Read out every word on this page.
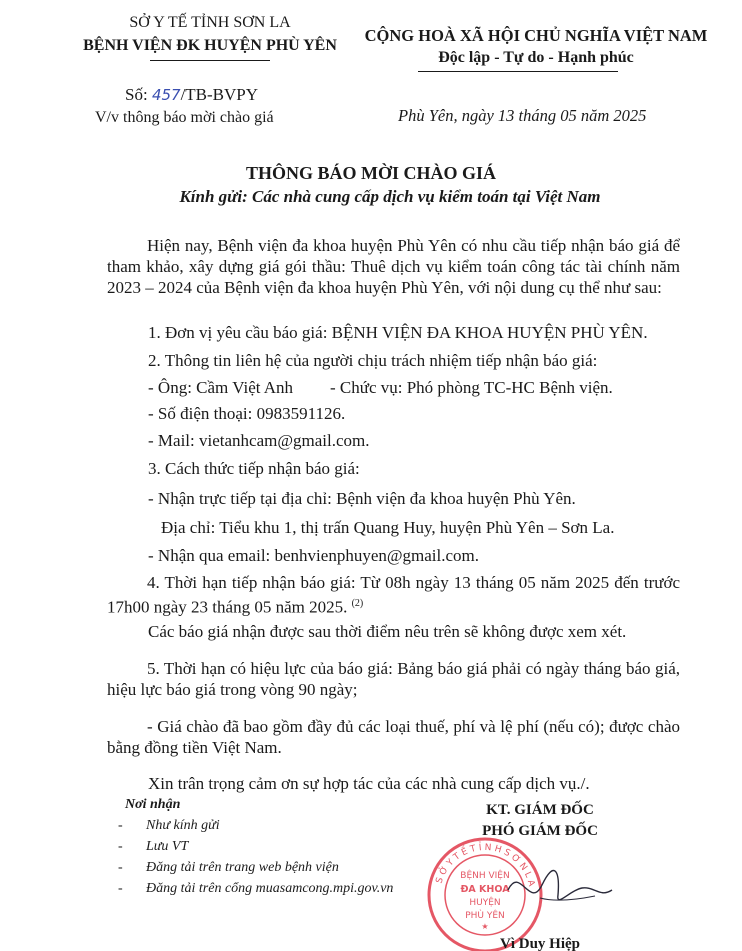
SỞ Y TẾ TỈNH SƠN LA
BỆNH VIỆN ĐK HUYỆN PHÙ YÊN
CỘNG HOÀ XÃ HỘI CHỦ NGHĨA VIỆT NAM
Độc lập - Tự do - Hạnh phúc
Số: 457/TB-BVPY
V/v thông báo mời chào giá	Phù Yên, ngày 13 tháng 05 năm 2025
THÔNG BÁO MỜI CHÀO GIÁ
Kính gửi: Các nhà cung cấp dịch vụ kiểm toán tại Việt Nam
Hiện nay, Bệnh viện đa khoa huyện Phù Yên có nhu cầu tiếp nhận báo giá để tham khảo, xây dựng giá gói thầu: Thuê dịch vụ kiểm toán công tác tài chính năm 2023 – 2024 của Bệnh viện đa khoa huyện Phù Yên, với nội dung cụ thể như sau:
1. Đơn vị yêu cầu báo giá: BỆNH VIỆN ĐA KHOA HUYỆN PHÙ YÊN.
2. Thông tin liên hệ của người chịu trách nhiệm tiếp nhận báo giá:
- Ông: Cầm Việt Anh - Chức vụ: Phó phòng TC-HC Bệnh viện.
- Số điện thoại: 0983591126.
- Mail: vietanhcam@gmail.com.
3. Cách thức tiếp nhận báo giá:
- Nhận trực tiếp tại địa chỉ: Bệnh viện đa khoa huyện Phù Yên.
Địa chỉ: Tiểu khu 1, thị trấn Quang Huy, huyện Phù Yên – Sơn La.
- Nhận qua email: benhvienphuyen@gmail.com.
4. Thời hạn tiếp nhận báo giá: Từ 08h ngày 13 tháng 05 năm 2025 đến trước 17h00 ngày 23 tháng 05 năm 2025. $^{(2)}$
Các báo giá nhận được sau thời điểm nêu trên sẽ không được xem xét.
5. Thời hạn có hiệu lực của báo giá: Bảng báo giá phải có ngày tháng báo giá, hiệu lực báo giá trong vòng 90 ngày;
- Giá chào đã bao gồm đầy đủ các loại thuế, phí và lệ phí (nếu có); được chào bằng đồng tiền Việt Nam.
Xin trân trọng cảm ơn sự hợp tác của các nhà cung cấp dịch vụ./.
Nơi nhận
- Như kính gửi
- Lưu VT
- Đăng tải trên trang web bệnh viện
- Đăng tải trên cổng muasamcong.mpi.gov.vn
KT. GIÁM ĐỐC
PHÓ GIÁM ĐỐC
S Ở Y T Ế T Ỉ N H S Ơ N L A
BỆNH VIỆN
ĐA KHOA
HUYỆN
PHÙ YÊN
★
Vì Duy Hiệp
